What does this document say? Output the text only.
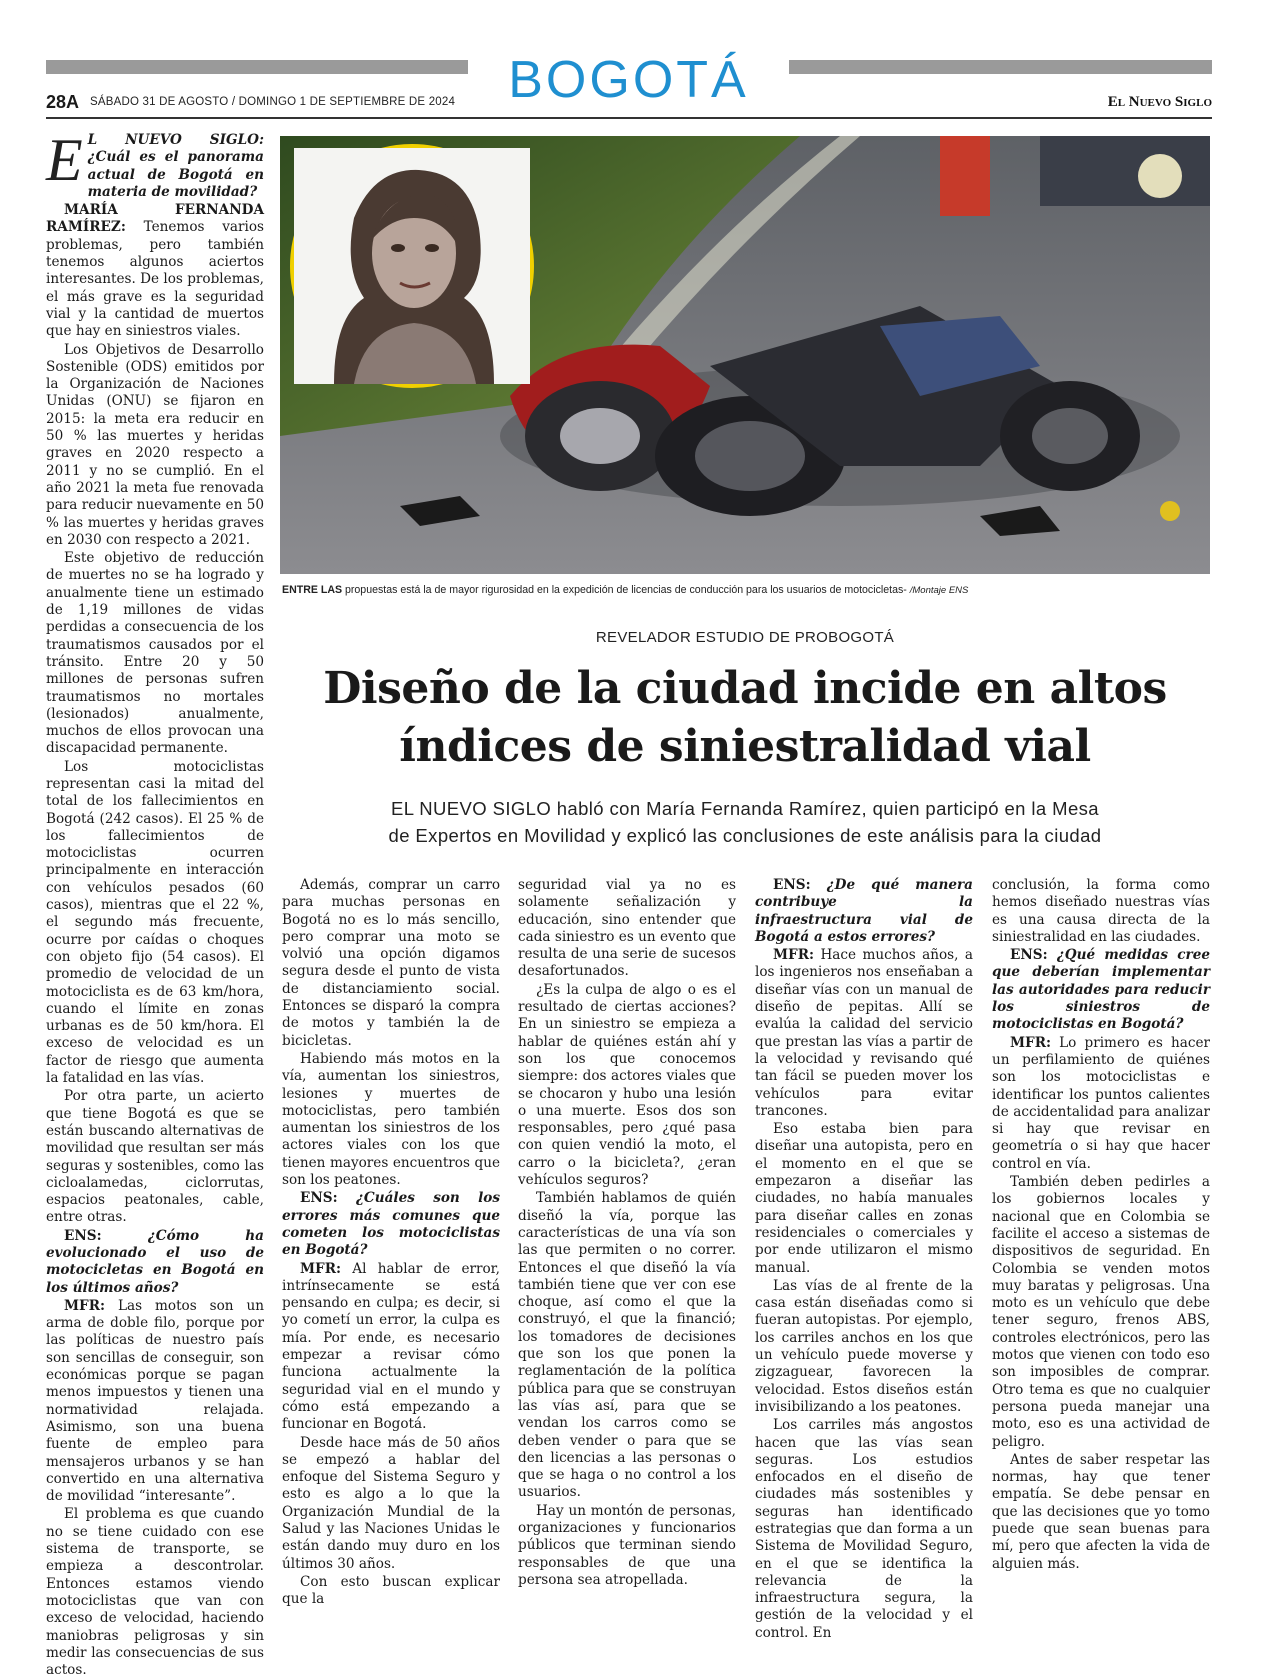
BOGOTÁ
28A SÁBADO 31 DE AGOSTO / DOMINGO 1 DE SEPTIEMBRE DE 2024	El Nuevo Siglo

E L NUEVO SIGLO: ¿Cuál es el panorama actual de Bogotá en materia de movilidad?

MARÍA FERNANDA RAMÍREZ: Tenemos varios problemas, pero también tenemos algunos aciertos interesantes. De los problemas, el más grave es la seguridad vial y la cantidad de muertos que hay en siniestros viales.

Los Objetivos de Desarrollo Sostenible (ODS) emitidos por la Organización de Naciones Unidas (ONU) se fijaron en 2015: la meta era reducir en 50 % las muertes y heridas graves en 2020 respecto a 2011 y no se cumplió. En el año 2021 la meta fue renovada para reducir nuevamente en 50 % las muertes y heridas graves en 2030 con respecto a 2021.

Este objetivo de reducción de muertes no se ha logrado y anualmente tiene un estimado de 1,19 millones de vidas perdidas a consecuencia de los traumatismos causados por el tránsito. Entre 20 y 50 millones de personas sufren traumatismos no mortales (lesionados) anualmente, muchos de ellos provocan una discapacidad permanente.

Los motociclistas representan casi la mitad del total de los fallecimientos en Bogotá (242 casos). El 25 % de los fallecimientos de motociclistas ocurren principalmente en interacción con vehículos pesados (60 casos), mientras que el 22 %, el segundo más frecuente, ocurre por caídas o choques con objeto fijo (54 casos). El promedio de velocidad de un motociclista es de 63 km/hora, cuando el límite en zonas urbanas es de 50 km/hora. El exceso de velocidad es un factor de riesgo que aumenta la fatalidad en las vías.

Por otra parte, un acierto que tiene Bogotá es que se están buscando alternativas de movilidad que resultan ser más seguras y sostenibles, como las cicloalamedas, ciclorrutas, espacios peatonales, cable, entre otras.

ENS:	¿Cómo ha evolucionado el uso de motocicletas en Bogotá en los últimos años?

MFR: Las motos son un arma de doble filo, porque por las políticas de nuestro país son sencillas de conseguir, son económicas porque se pagan menos impuestos y tienen una normatividad relajada. Asimismo, son una buena fuente de empleo para mensajeros urbanos y se han convertido en una alternativa de movilidad “interesante”.

El problema es que cuando no se tiene cuidado con ese sistema de transporte, se empieza a descontrolar. Entonces estamos viendo motociclistas que van con exceso de velocidad, haciendo maniobras peligrosas y sin medir las consecuencias de sus actos.

ENTRE LAS propuestas está la de mayor rigurosidad en la expedición de licencias de conducción para los usuarios de motocicletas- /Montaje ENS
REVELADOR ESTUDIO DE PROBOGOTÁ
Diseño de la ciudad incide en altos
índices de siniestralidad vial
EL NUEVO SIGLO habló con María Fernanda Ramírez, quien participó en la Mesa
de Expertos en Movilidad y explicó las conclusiones de este análisis para la ciudad

Además, comprar un carro para muchas personas en Bogotá no es lo más sencillo, pero comprar una moto se volvió una opción digamos segura desde el punto de vista de distanciamiento social. Entonces se disparó la compra de motos y también la de bicicletas.

Habiendo más motos en la vía, aumentan los siniestros, lesiones y muertes de motociclistas, pero también aumentan los siniestros de los actores viales con los que tienen mayores encuentros que son los peatones.

ENS: ¿Cuáles son los errores más comunes que cometen los motociclistas en Bogotá?

MFR: Al hablar de error, intrínsecamente se está pensando en culpa; es decir, si yo cometí un error, la culpa es mía. Por ende, es necesario empezar a revisar cómo funciona actualmente la seguridad vial en el mundo y cómo está empezando a funcionar en Bogotá.

Desde hace más de 50 años se empezó a hablar del enfoque del Sistema Seguro y esto es algo a lo que la Organización Mundial de la Salud y las Naciones Unidas le están dando muy duro en los últimos 30 años.

Con esto buscan explicar que la

seguridad vial ya no es solamente señalización y educación, sino entender que cada siniestro es un evento que resulta de una serie de sucesos desafortunados.

¿Es la culpa de algo o es el resultado de ciertas acciones? En un siniestro se empieza a hablar de quiénes están ahí y son los que conocemos siempre: dos actores viales que se chocaron y hubo una lesión o una muerte. Esos dos son responsables, pero ¿qué pasa con quien vendió la moto, el carro o la bicicleta?, ¿eran vehículos seguros?

También hablamos de quién diseñó la vía, porque las características de una vía son las que permiten o no correr. Entonces el que diseñó la vía también tiene que ver con ese choque, así como el que la construyó, el que la financió; los tomadores de decisiones que son los que ponen la reglamentación de la política pública para que se construyan las vías así, para que se vendan los carros como se deben vender o para que se den licencias a las personas o que se haga o no control a los usuarios.

Hay un montón de personas, organizaciones y funcionarios públicos que terminan siendo responsables de que una persona sea atropellada.

ENS: ¿De qué manera contribuye la infraestructura vial de Bogotá a estos errores?

MFR: Hace muchos años, a los ingenieros nos enseñaban a diseñar vías con un manual de diseño de pepitas. Allí se evalúa la calidad del servicio que prestan las vías a partir de la velocidad y revisando qué tan fácil se pueden mover los vehículos para evitar trancones.

Eso estaba bien para diseñar una autopista, pero en el momento en el que se empezaron a diseñar las ciudades, no había manuales para diseñar calles en zonas residenciales o comerciales y por ende utilizaron el mismo manual.

Las vías de al frente de la casa están diseñadas como si fueran autopistas. Por ejemplo, los carriles anchos en los que un vehículo puede moverse y zigzaguear, favorecen la velocidad. Estos diseños están invisibilizando a los peatones.

Los carriles más angostos hacen que las vías sean seguras. Los estudios enfocados en el diseño de ciudades más sostenibles y seguras han identificado estrategias que dan forma a un Sistema de Movilidad Seguro, en el que se identifica la relevancia de la infraestructura segura, la gestión de la velocidad y el control. En

conclusión, la forma como hemos diseñado nuestras vías es una causa directa de la siniestralidad en las ciudades.

ENS: ¿Qué medidas cree que deberían implementar las autoridades para reducir los siniestros de motociclistas en Bogotá?

MFR: Lo primero es hacer un perfilamiento de quiénes son los motociclistas e identificar los puntos calientes de accidentalidad para analizar si hay que revisar en geometría o si hay que hacer control en vía.

También deben pedirles a los gobiernos locales y nacional que en Colombia se facilite el acceso a sistemas de dispositivos de seguridad. En Colombia se venden motos muy baratas y peligrosas. Una moto es un vehículo que debe tener seguro, frenos ABS, controles electrónicos, pero las motos que vienen con todo eso son imposibles de comprar. Otro tema es que no cualquier persona pueda manejar una moto, eso es una actividad de peligro.

Antes de saber respetar las normas, hay que tener empatía. Se debe pensar en que las decisiones que yo tomo puede que sean buenas para mí, pero que afecten la vida de alguien más.
